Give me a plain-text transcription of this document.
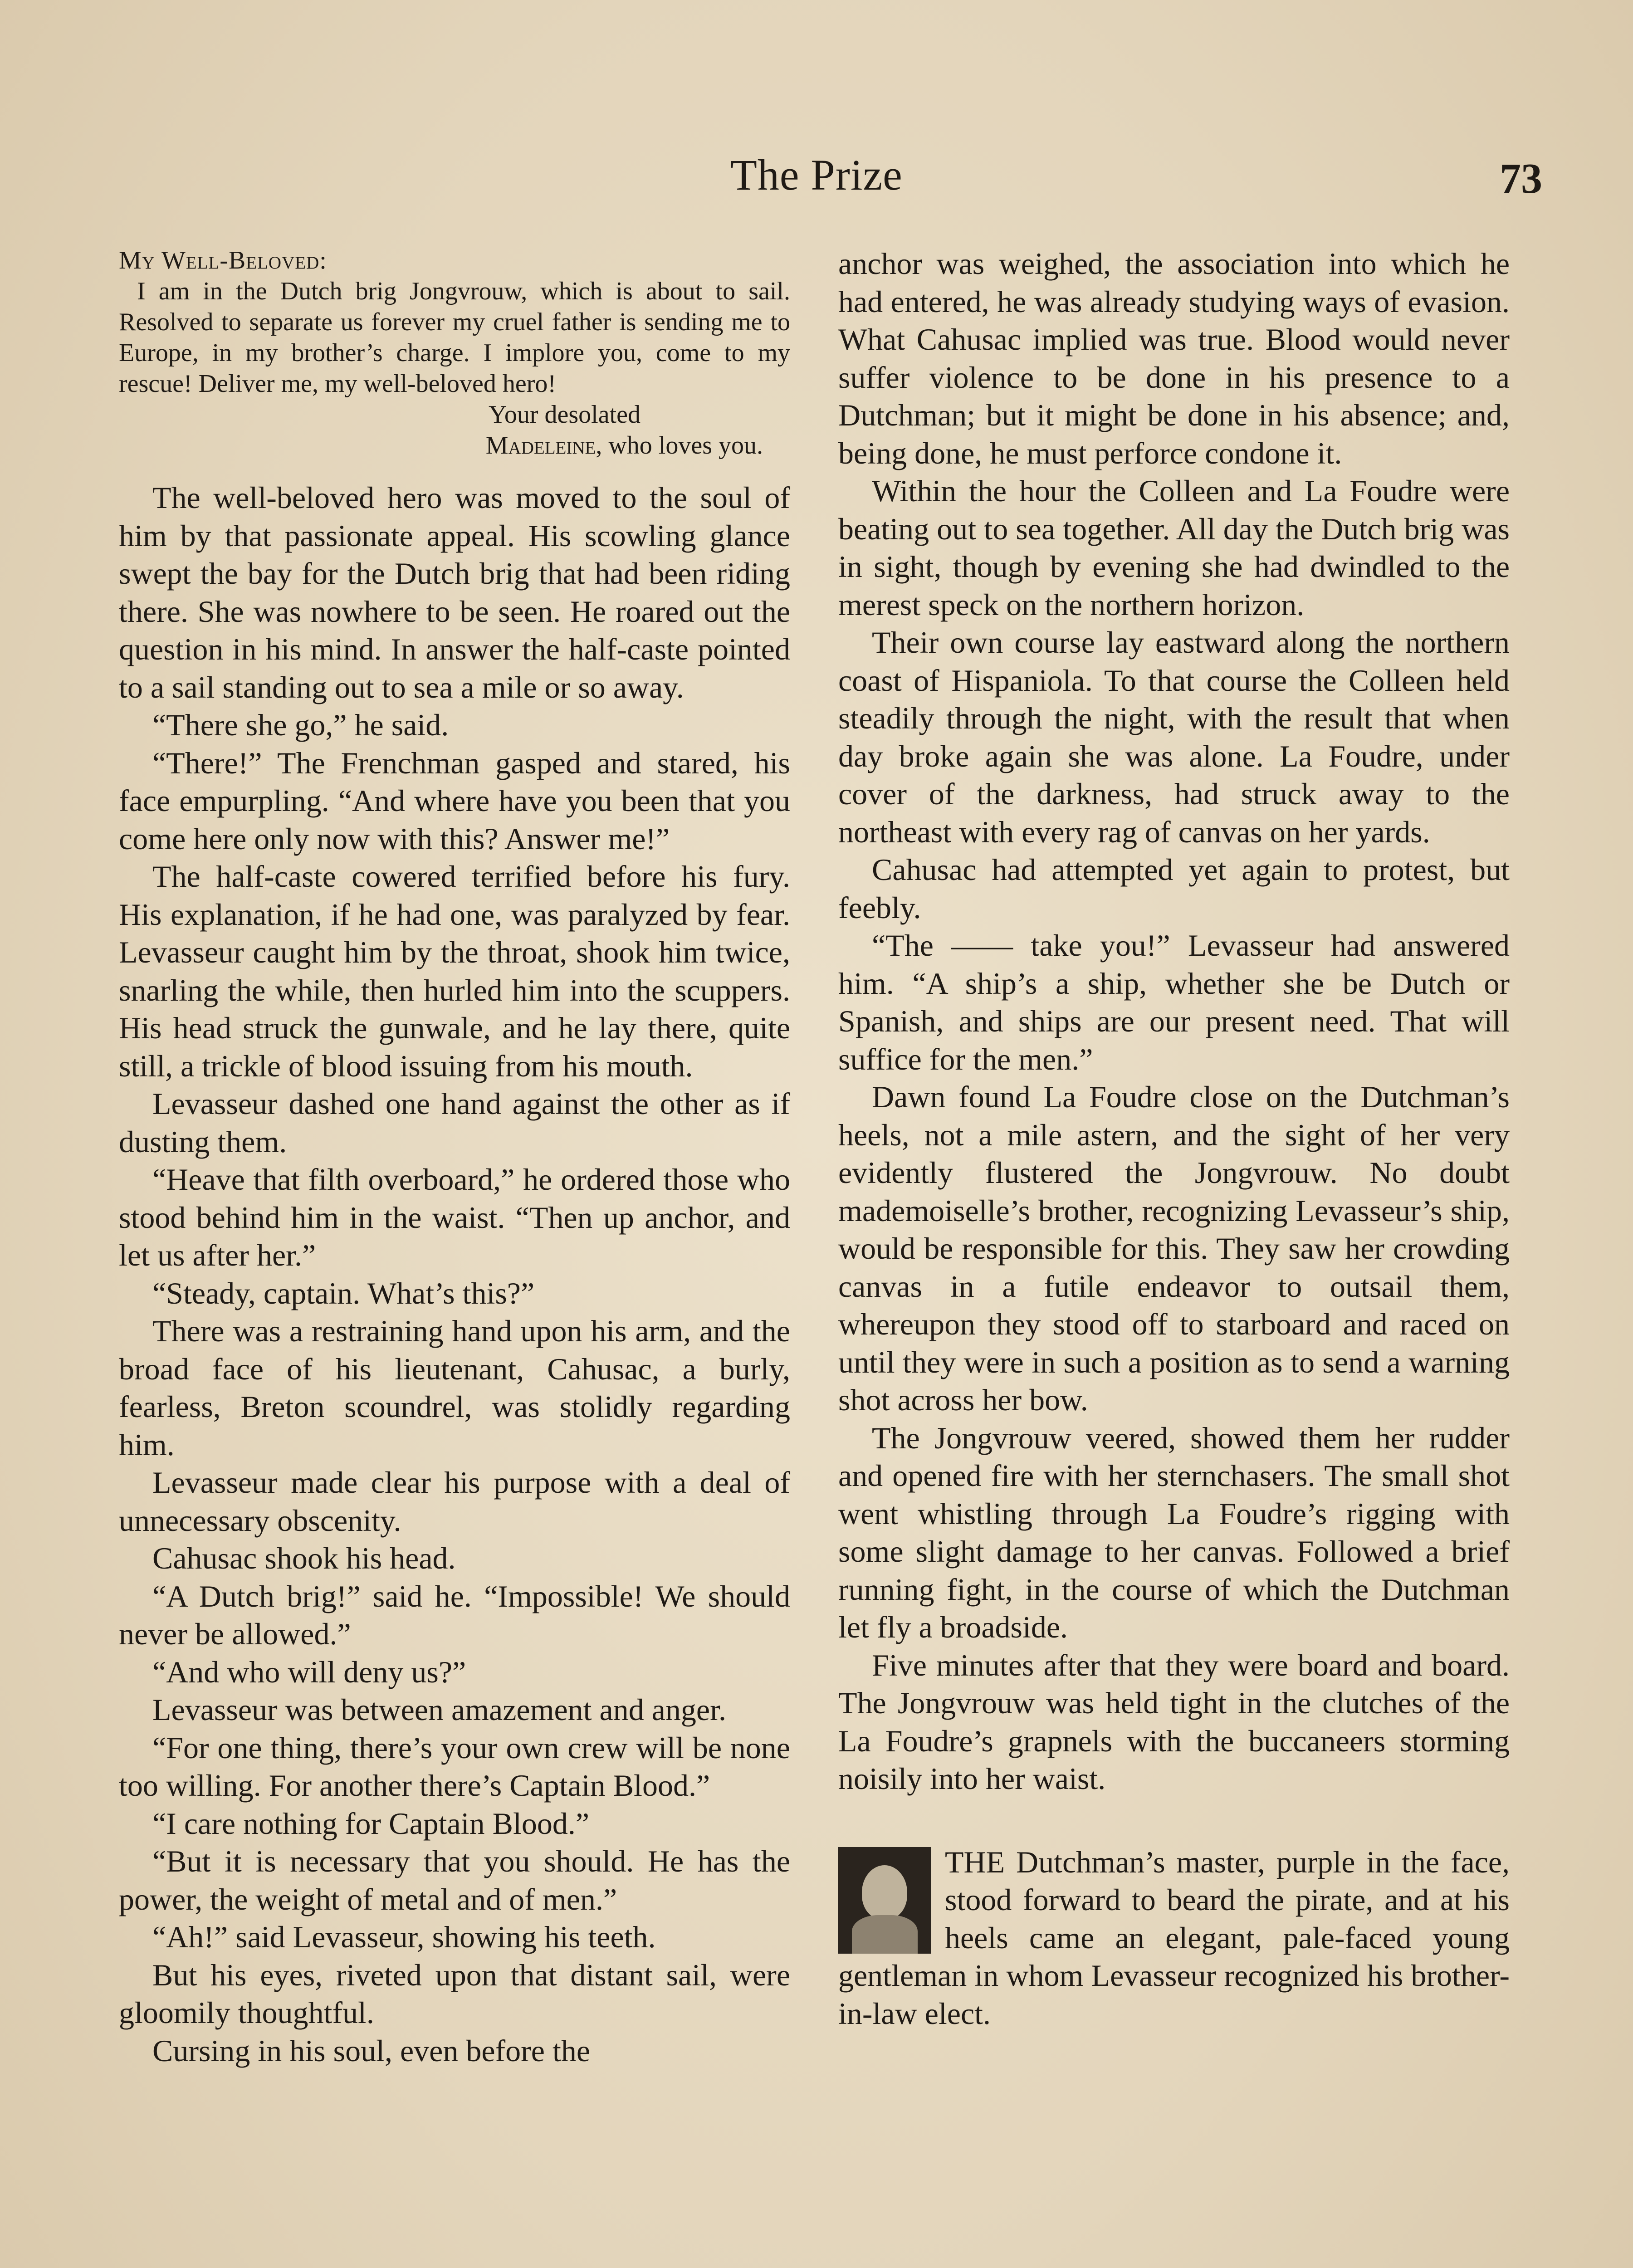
The Prize	73
My Well-Beloved:
I am in the Dutch brig Jongvrouw, which is about to sail. Resolved to separate us forever my cruel father is sending me to Europe, in my brother’s charge. I implore you, come to my rescue! Deliver me, my well-beloved hero!
Your desolated
Madeleine, who loves you.

The well-beloved hero was moved to the soul of him by that passionate appeal. His scowling glance swept the bay for the Dutch brig that had been riding there. She was nowhere to be seen. He roared out the question in his mind. In answer the half-caste pointed to a sail standing out to sea a mile or so away.

“There she go,” he said.

“There!” The Frenchman gasped and stared, his face empurpling. “And where have you been that you come here only now with this? Answer me!”

The half-caste cowered terrified before his fury. His explanation, if he had one, was paralyzed by fear. Levasseur caught him by the throat, shook him twice, snarling the while, then hurled him into the scuppers. His head struck the gunwale, and he lay there, quite still, a trickle of blood issuing from his mouth.

Levasseur dashed one hand against the other as if dusting them.

“Heave that filth overboard,” he ordered those who stood behind him in the waist. “Then up anchor, and let us after her.”

“Steady, captain. What’s this?”

There was a restraining hand upon his arm, and the broad face of his lieutenant, Cahusac, a burly, fearless, Breton scoundrel, was stolidly regarding him.

Levasseur made clear his purpose with a deal of unnecessary obscenity.

Cahusac shook his head.

“A Dutch brig!” said he. “Impossible! We should never be allowed.”

“And who will deny us?”

Levasseur was between amazement and anger.

“For one thing, there’s your own crew will be none too willing. For another there’s Captain Blood.”

“I care nothing for Captain Blood.”

“But it is necessary that you should. He has the power, the weight of metal and of men.”

“Ah!” said Levasseur, showing his teeth.

But his eyes, riveted upon that distant sail, were gloomily thoughtful.

Cursing in his soul, even before the

anchor was weighed, the association into which he had entered, he was already studying ways of evasion. What Cahusac implied was true. Blood would never suffer violence to be done in his presence to a Dutchman; but it might be done in his absence; and, being done, he must perforce condone it.

Within the hour the Colleen and La Foudre were beating out to sea together. All day the Dutch brig was in sight, though by evening she had dwindled to the merest speck on the northern horizon.

Their own course lay eastward along the northern coast of Hispaniola. To that course the Colleen held steadily through the night, with the result that when day broke again she was alone. La Foudre, under cover of the darkness, had struck away to the northeast with every rag of canvas on her yards.

Cahusac had attempted yet again to protest, but feebly.

“The —— take you!” Levasseur had answered him. “A ship’s a ship, whether she be Dutch or Spanish, and ships are our present need. That will suffice for the men.”

Dawn found La Foudre close on the Dutchman’s heels, not a mile astern, and the sight of her very evidently flustered the Jongvrouw. No doubt mademoiselle’s brother, recognizing Levasseur’s ship, would be responsible for this. They saw her crowding canvas in a futile endeavor to outsail them, whereupon they stood off to starboard and raced on until they were in such a position as to send a warning shot across her bow.

The Jongvrouw veered, showed them her rudder and opened fire with her sternchasers. The small shot went whistling through La Foudre’s rigging with some slight damage to her canvas. Followed a brief running fight, in the course of which the Dutchman let fly a broadside.

Five minutes after that they were board and board. The Jongvrouw was held tight in the clutches of the La Foudre’s grapnels with the buccaneers storming noisily into her waist.

THE Dutchman’s master, purple in the face, stood forward to beard the pirate, and at his heels came an elegant, pale-faced young gentleman in whom Levasseur recognized his brother-in-law elect.
